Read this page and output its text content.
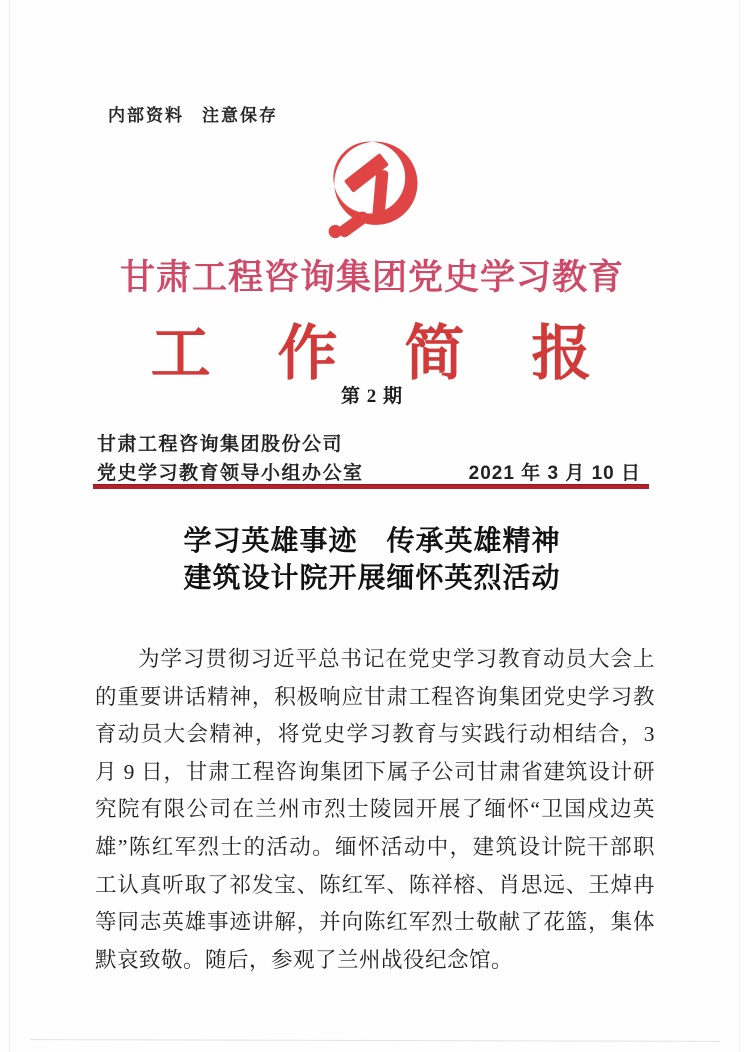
内部资料 注意保存
甘肃工程咨询集团党史学习教育
工 作 简 报
第 2 期
甘肃工程咨询集团股份公司
党史学习教育领导小组办公室	2021 年 3 月 10 日
学习英雄事迹　传承英雄精神
建筑设计院开展缅怀英烈活动
为学习贯彻习近平总书记在党史学习教育动员大会上的重要讲话精神，积极响应甘肃工程咨询集团党史学习教育动员大会精神，将党史学习教育与实践行动相结合，3 月 9 日，甘肃工程咨询集团下属子公司甘肃省建筑设计研究院有限公司在兰州市烈士陵园开展了缅怀“卫国戍边英雄”陈红军烈士的活动。缅怀活动中，建筑设计院干部职工认真听取了祁发宝、陈红军、陈祥榕、肖思远、王焯冉等同志英雄事迹讲解，并向陈红军烈士敬献了花篮，集体默哀致敬。随后，参观了兰州战役纪念馆。
